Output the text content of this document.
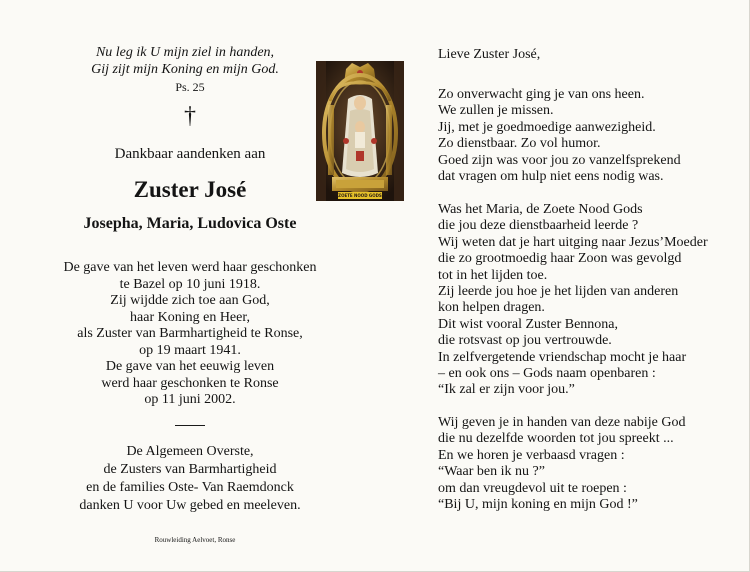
Nu leg ik U mijn ziel in handen,
Gij zijt mijn Koning en mijn God.
Ps. 25
†
Dankbaar aandenken aan
Zuster José
Josepha, Maria, Ludovica Oste
De gave van het leven werd haar geschonken
te Bazel op 10 juni 1918.
Zij wijdde zich toe aan God,
haar Koning en Heer,
als Zuster van Barmhartigheid te Ronse,
op 19 maart 1941.
De gave van het eeuwig leven
werd haar geschonken te Ronse
op 11 juni 2002.
De Algemeen Overste,
de Zusters van Barmhartigheid
en de families Oste- Van Raemdonck
danken U voor Uw gebed en meeleven.
Rouwleiding Aelvoet, Ronse
ZOETE NOOD GODS
Lieve Zuster José,
Zo onverwacht ging je van ons heen.
We zullen je missen.
Jij, met je goedmoedige aanwezigheid.
Zo dienstbaar. Zo vol humor.
Goed zijn was voor jou zo vanzelfsprekend
dat vragen om hulp niet eens nodig was.
Was het Maria, de Zoete Nood Gods
die jou deze dienstbaarheid leerde ?
Wij weten dat je hart uitging naar Jezus’Moeder
die zo grootmoedig haar Zoon was gevolgd
tot in het lijden toe.
Zij leerde jou hoe je het lijden van anderen
kon helpen dragen.
Dit wist vooral Zuster Bennona,
die rotsvast op jou vertrouwde.
In zelfvergetende vriendschap mocht je haar
– en ook ons – Gods naam openbaren :
“Ik zal er zijn voor jou.”
Wij geven je in handen van deze nabije God
die nu dezelfde woorden tot jou spreekt ...
En we horen je verbaasd vragen :
“Waar ben ik nu ?”
om dan vreugdevol uit te roepen :
“Bij U, mijn koning en mijn God !”
